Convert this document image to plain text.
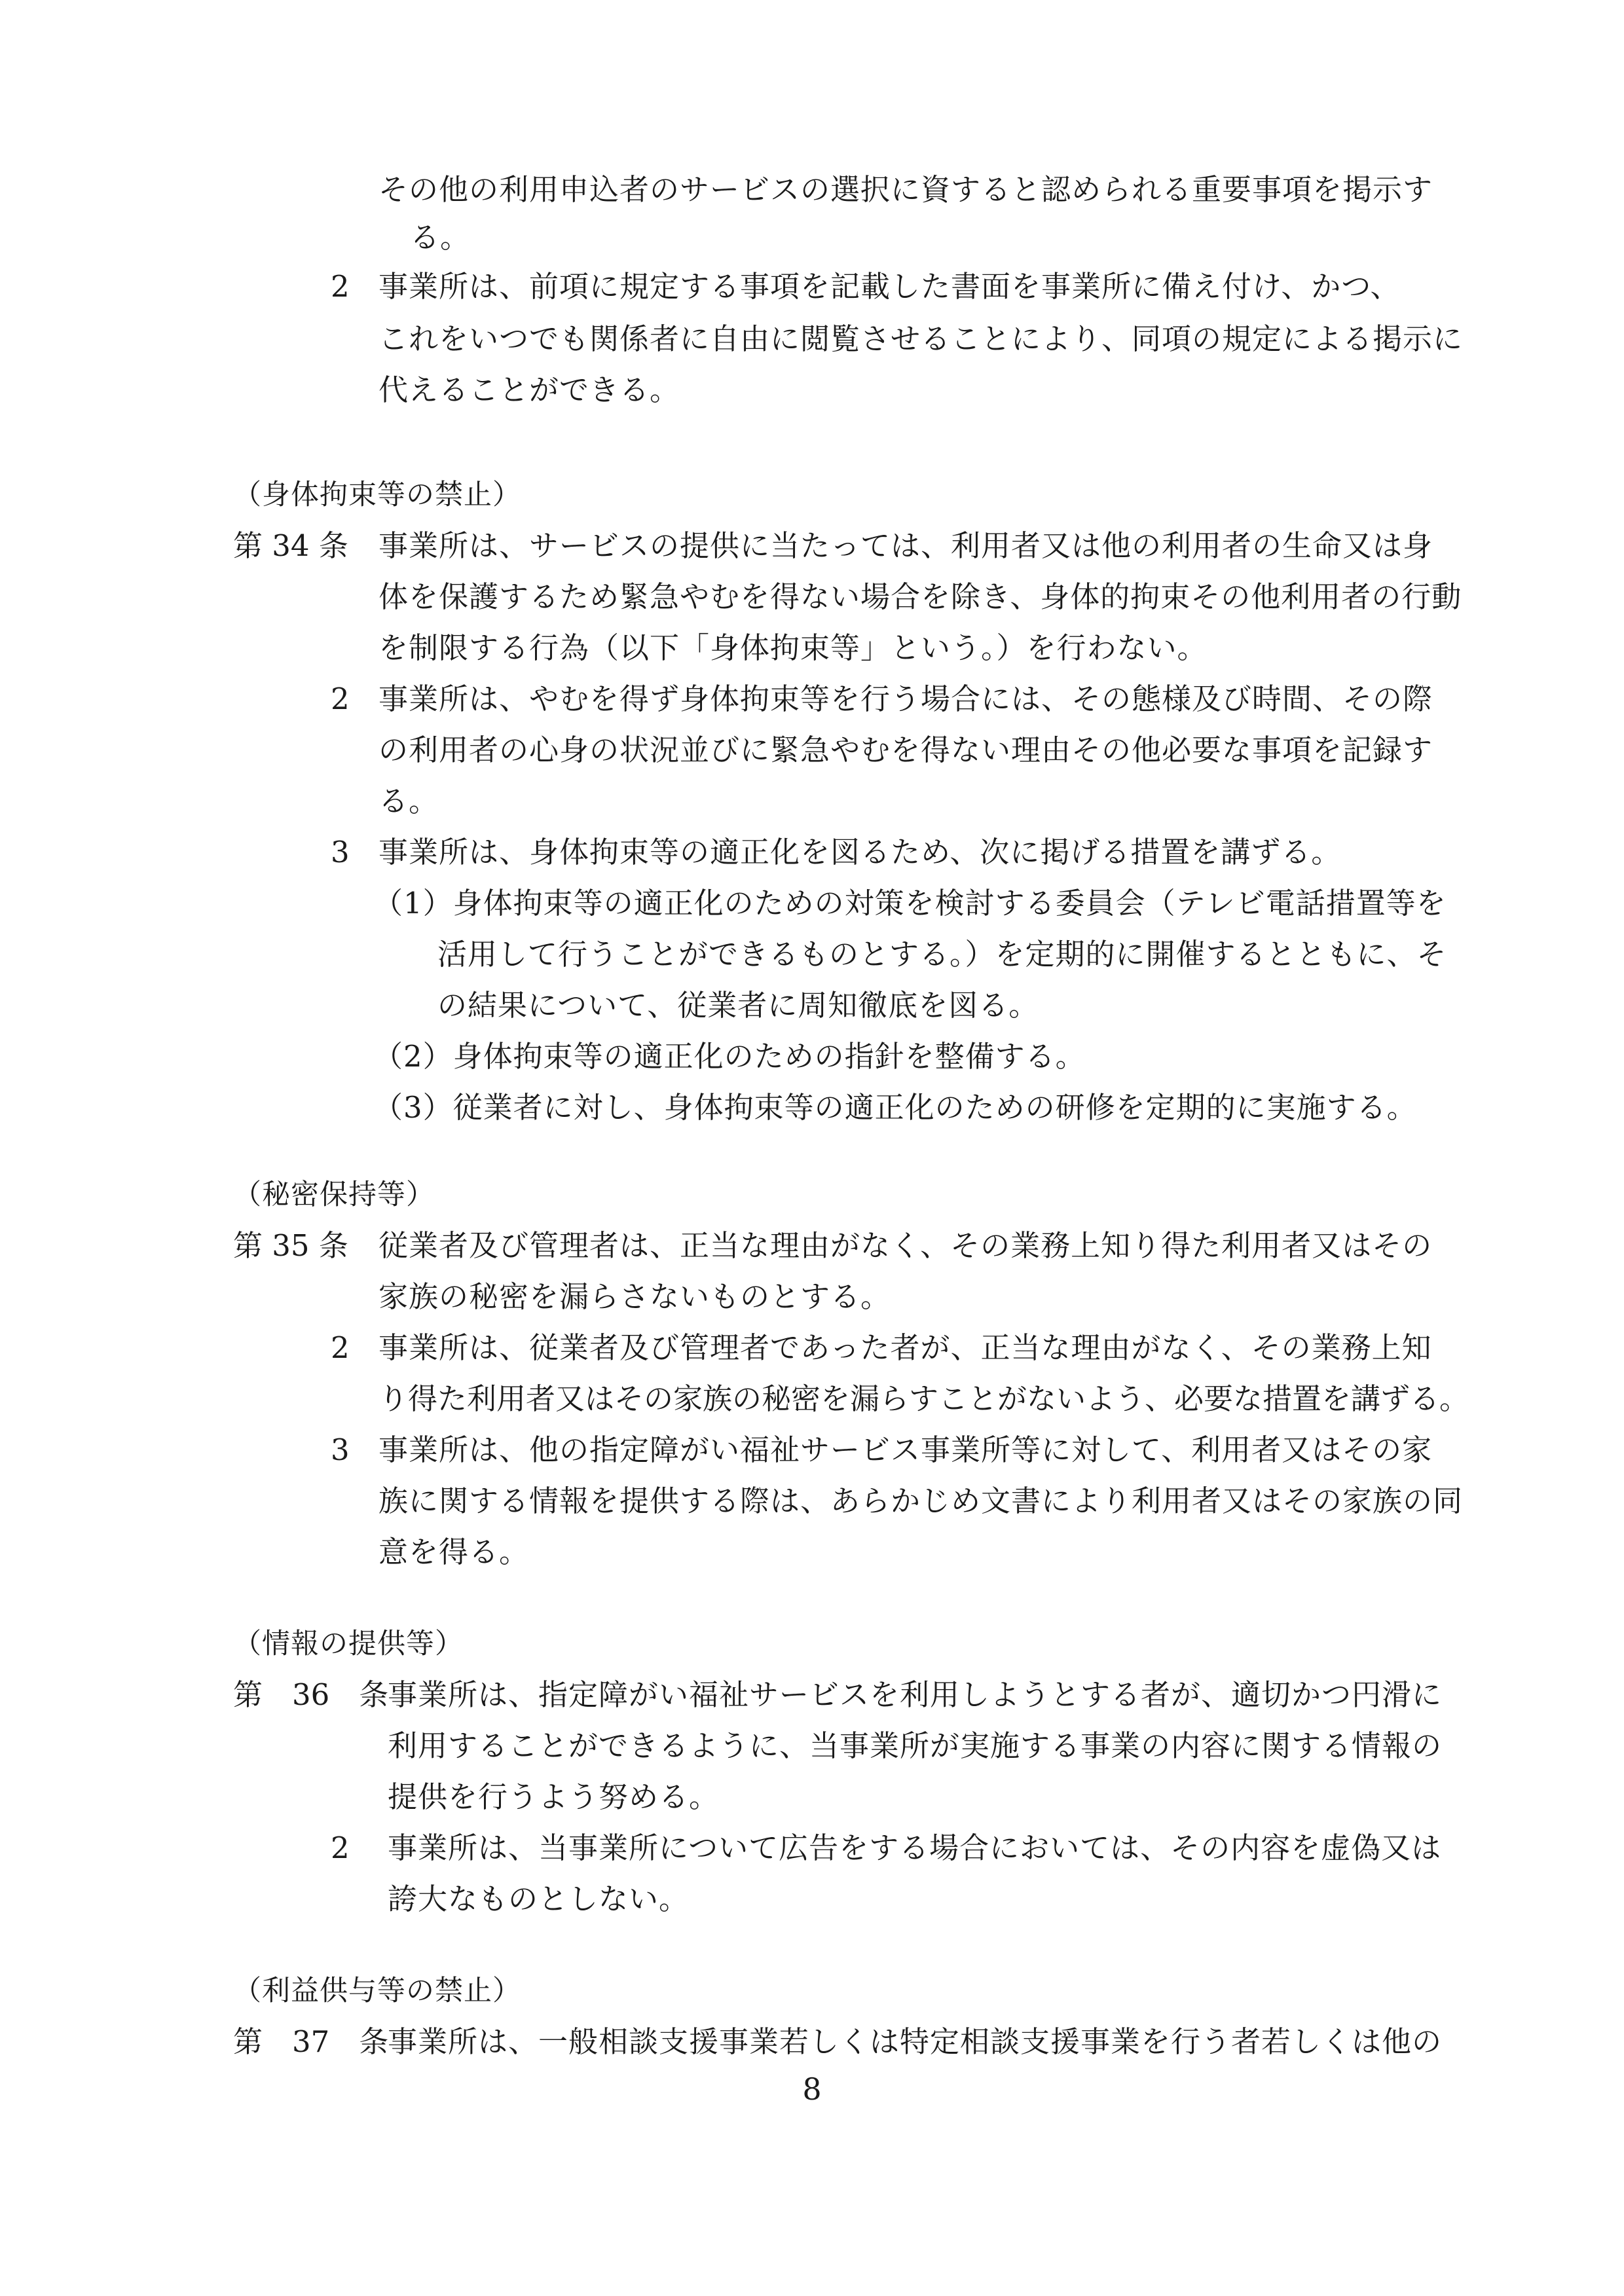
その他の利用申込者のサービスの選択に資すると認められる重要事項を掲示す
る。
2 事業所は、前項に規定する事項を記載した書面を事業所に備え付け、かつ、
これをいつでも関係者に自由に閲覧させることにより、同項の規定による掲示に
代えることができる。
（身体拘束等の禁止）
第 34 条 事業所は、サービスの提供に当たっては、利用者又は他の利用者の生命又は身
体を保護するため緊急やむを得ない場合を除き、身体的拘束その他利用者の行動
を制限する行為（以下「身体拘束等」という。）を行わない。
2 事業所は、やむを得ず身体拘束等を行う場合には、その態様及び時間、その際
の利用者の心身の状況並びに緊急やむを得ない理由その他必要な事項を記録す
る。
3 事業所は、身体拘束等の適正化を図るため、次に掲げる措置を講ずる。
（1）身体拘束等の適正化のための対策を検討する委員会（テレビ電話措置等を
活用して行うことができるものとする。）を定期的に開催するとともに、そ
の結果について、従業者に周知徹底を図る。
（2）身体拘束等の適正化のための指針を整備する。
（3）従業者に対し、身体拘束等の適正化のための研修を定期的に実施する。
（秘密保持等）
第 35 条 従業者及び管理者は、正当な理由がなく、その業務上知り得た利用者又はその
家族の秘密を漏らさないものとする。
2 事業所は、従業者及び管理者であった者が、正当な理由がなく、その業務上知
り得た利用者又はその家族の秘密を漏らすことがないよう、必要な措置を講ずる。
3 事業所は、他の指定障がい福祉サービス事業所等に対して、利用者又はその家
族に関する情報を提供する際は、あらかじめ文書により利用者又はその家族の同
意を得る。
（情報の提供等）
第　36　条
事業所は、指定障がい福祉サービスを利用しようとする者が、適切かつ円滑に
利用することができるように、当事業所が実施する事業の内容に関する情報の
提供を行うよう努める。
2 事業所は、当事業所について広告をする場合においては、その内容を虚偽又は
誇大なものとしない。
（利益供与等の禁止）
第　37　条
事業所は、一般相談支援事業若しくは特定相談支援事業を行う者若しくは他の
8
